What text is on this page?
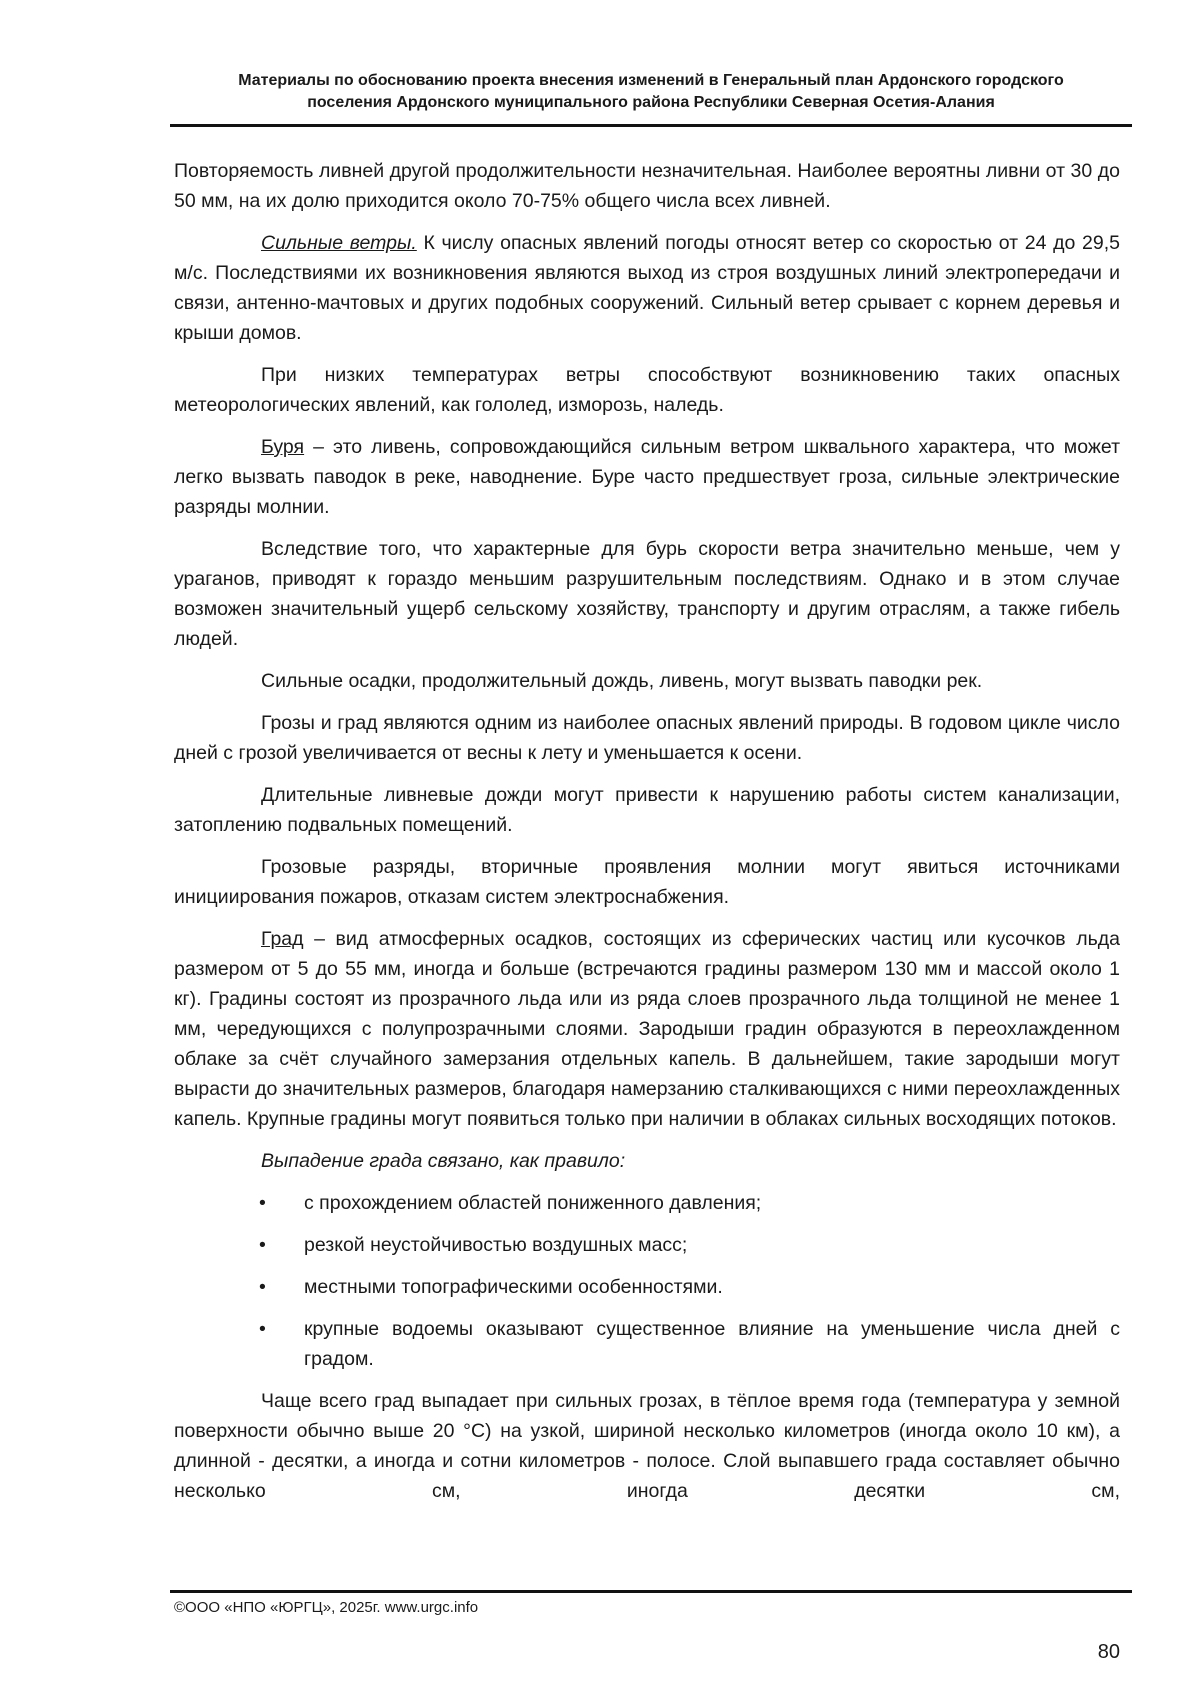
Материалы по обоснованию проекта внесения изменений в Генеральный план Ардонского городского
поселения Ардонского муниципального района Республики Северная Осетия-Алания

Повторяемость ливней другой продолжительности незначительная. Наиболее вероятны ливни от 30 до 50 мм, на их долю приходится около 70-75% общего числа всех ливней.

Сильные ветры. К числу опасных явлений погоды относят ветер со скоростью от 24 до 29,5 м/с. Последствиями их возникновения являются выход из строя воздушных линий электропередачи и связи, антенно-мачтовых и других подобных сооружений. Сильный ветер срывает с корнем деревья и крыши домов.

При низких температурах ветры способствуют возникновению таких опасных метеорологических явлений, как гололед, изморозь, наледь.

Буря – это ливень, сопровождающийся сильным ветром шквального характера, что может легко вызвать паводок в реке, наводнение. Буре часто предшествует гроза, сильные электрические разряды молнии.

Вследствие того, что характерные для бурь скорости ветра значительно меньше, чем у ураганов, приводят к гораздо меньшим разрушительным последствиям. Однако и в этом случае возможен значительный ущерб сельскому хозяйству, транспорту и другим отраслям, а также гибель людей.

Сильные осадки, продолжительный дождь, ливень, могут вызвать паводки рек.

Грозы и град являются одним из наиболее опасных явлений природы. В годовом цикле число дней с грозой увеличивается от весны к лету и уменьшается к осени.

Длительные ливневые дожди могут привести к нарушению работы систем канализации, затоплению подвальных помещений.

Грозовые разряды, вторичные проявления молнии могут явиться источниками инициирования пожаров, отказам систем электроснабжения.

Град – вид атмосферных осадков, состоящих из сферических частиц или кусочков льда размером от 5 до 55 мм, иногда и больше (встречаются градины размером 130 мм и массой около 1 кг). Градины состоят из прозрачного льда или из ряда слоев прозрачного льда толщиной не менее 1 мм, чередующихся с полупрозрачными слоями. Зародыши градин образуются в переохлажденном облаке за счёт случайного замерзания отдельных капель. В дальнейшем, такие зародыши могут вырасти до значительных размеров, благодаря намерзанию сталкивающихся с ними переохлажденных капель. Крупные градины могут появиться только при наличии в облаках сильных восходящих потоков.

Выпадение града связано, как правило:

• с прохождением областей пониженного давления;
• резкой неустойчивостью воздушных масс;
• местными топографическими особенностями.
• крупные водоемы оказывают существенное влияние на уменьшение числа дней с градом.

Чаще всего град выпадает при сильных грозах, в тёплое время года (температура у земной поверхности обычно выше 20 °С) на узкой, шириной несколько километров (иногда около 10 км), а длинной - десятки, а иногда и сотни километров - полосе. Слой выпавшего града составляет обычно несколько см, иногда десятки см,

©ООО «НПО «ЮРГЦ», 2025г. www.urgc.info
80
